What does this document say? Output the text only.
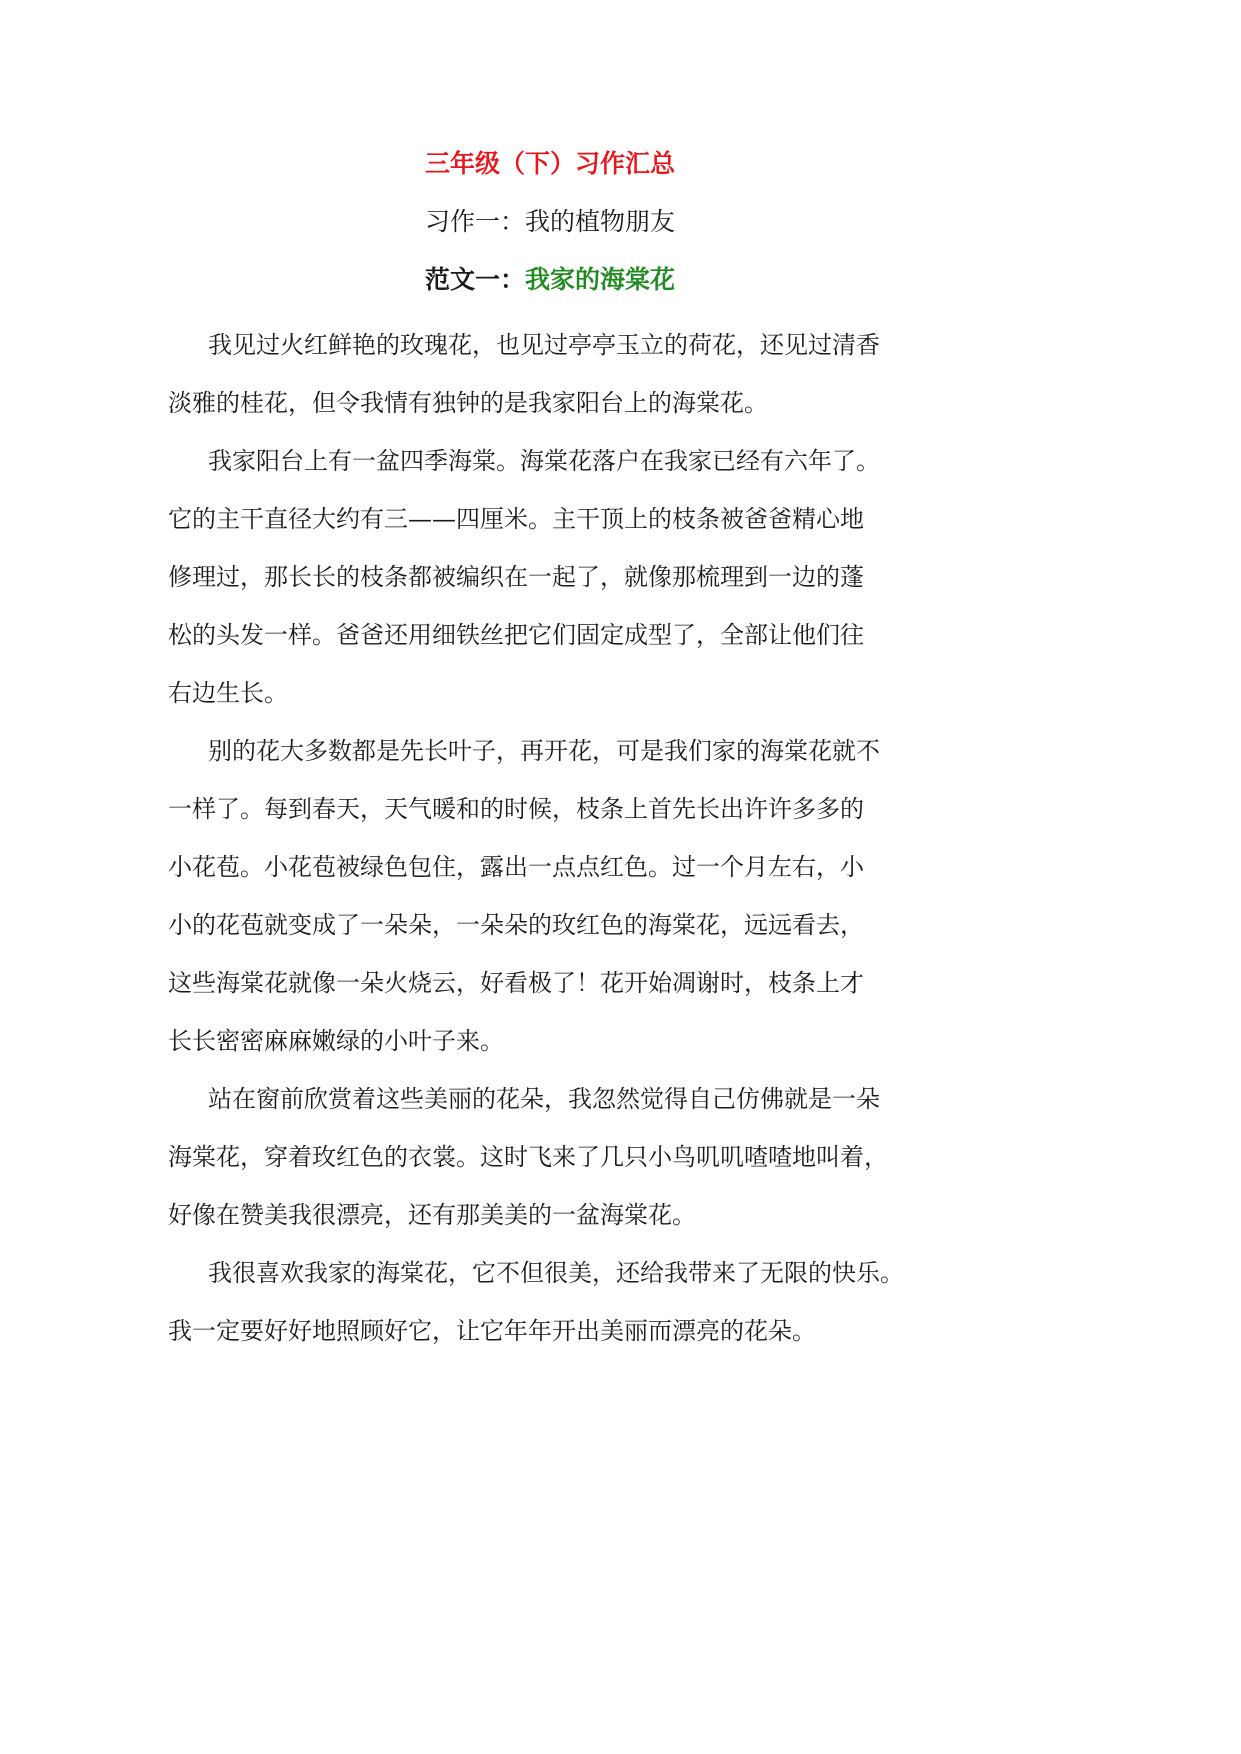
三年级（下）习作汇总
习作一：我的植物朋友
范文一：我家的海棠花
我见过火红鲜艳的玫瑰花，也见过亭亭玉立的荷花，还见过清香
淡雅的桂花，但令我情有独钟的是我家阳台上的海棠花。
我家阳台上有一盆四季海棠。海棠花落户在我家已经有六年了。
它的主干直径大约有三——四厘米。主干顶上的枝条被爸爸精心地
修理过，那长长的枝条都被编织在一起了，就像那梳理到一边的蓬
松的头发一样。爸爸还用细铁丝把它们固定成型了，全部让他们往
右边生长。
别的花大多数都是先长叶子，再开花，可是我们家的海棠花就不
一样了。每到春天，天气暖和的时候，枝条上首先长出许许多多的
小花苞。小花苞被绿色包住，露出一点点红色。过一个月左右，小
小的花苞就变成了一朵朵，一朵朵的玫红色的海棠花，远远看去，
这些海棠花就像一朵火烧云，好看极了！花开始凋谢时，枝条上才
长长密密麻麻嫩绿的小叶子来。
站在窗前欣赏着这些美丽的花朵，我忽然觉得自己仿佛就是一朵
海棠花，穿着玫红色的衣裳。这时飞来了几只小鸟叽叽喳喳地叫着，
好像在赞美我很漂亮，还有那美美的一盆海棠花。
我很喜欢我家的海棠花，它不但很美，还给我带来了无限的快乐。
我一定要好好地照顾好它，让它年年开出美丽而漂亮的花朵。
